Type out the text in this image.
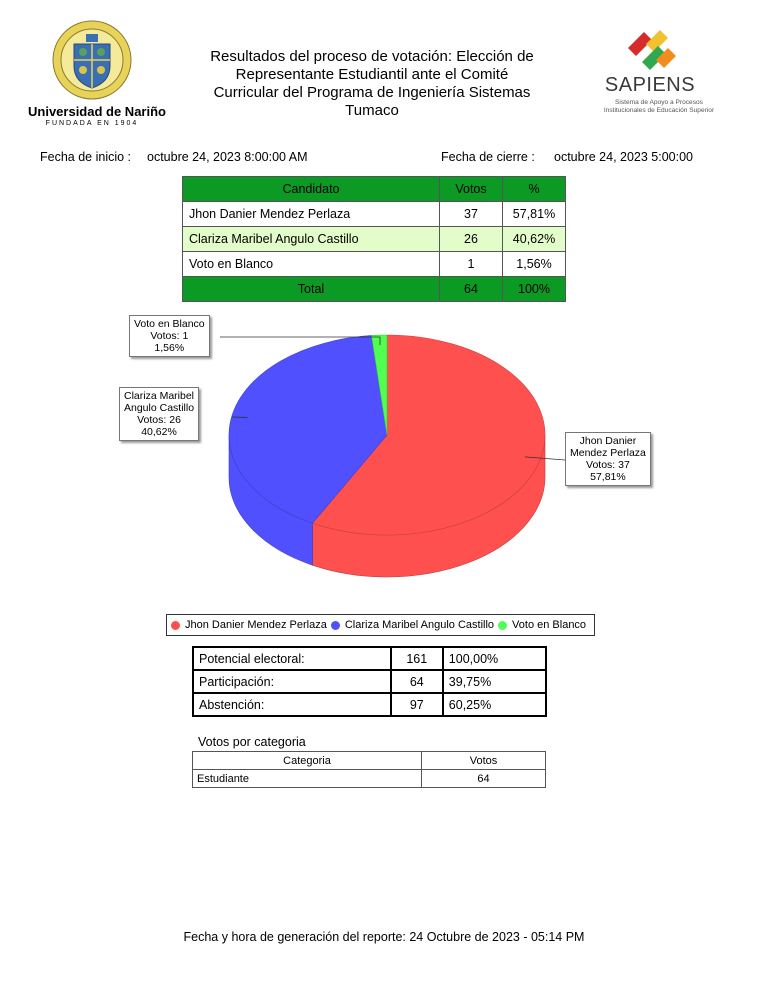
Universidad de Nariño
FUNDADA EN 1904
Resultados del proceso de votación: Elección de
Representante Estudiantil ante el Comité
Curricular del Programa de Ingeniería Sistemas
Tumaco
SAPIENS
Sistema de Apoyo a Procesos
Institucionales de Educación Superior
Fecha de inicio : octubre 24, 2023 8:00:00 AM	Fecha de cierre : octubre 24, 2023 5:00:00
Candidato	Votos	%
Jhon Danier Mendez Perlaza	37	57,81%
Clariza Maribel Angulo Castillo	26	40,62%
Voto en Blanco	1	1,56%
Total	64	100%
Jhon Danier
Mendez Perlaza
Votos: 37
57,81%
Clariza Maribel
Angulo Castillo
Votos: 26
40,62%
Voto en Blanco
Votos: 1
1,56%
Jhon Danier Mendez Perlaza Clariza Maribel Angulo Castillo Voto en Blanco
Potencial electoral:	161	100,00%
Participación:	64	39,75%
Abstención:	97	60,25%
Votos por categoria
Categoria	Votos
Estudiante	64
Fecha y hora de generación del reporte: 24 Octubre de 2023 - 05:14 PM
